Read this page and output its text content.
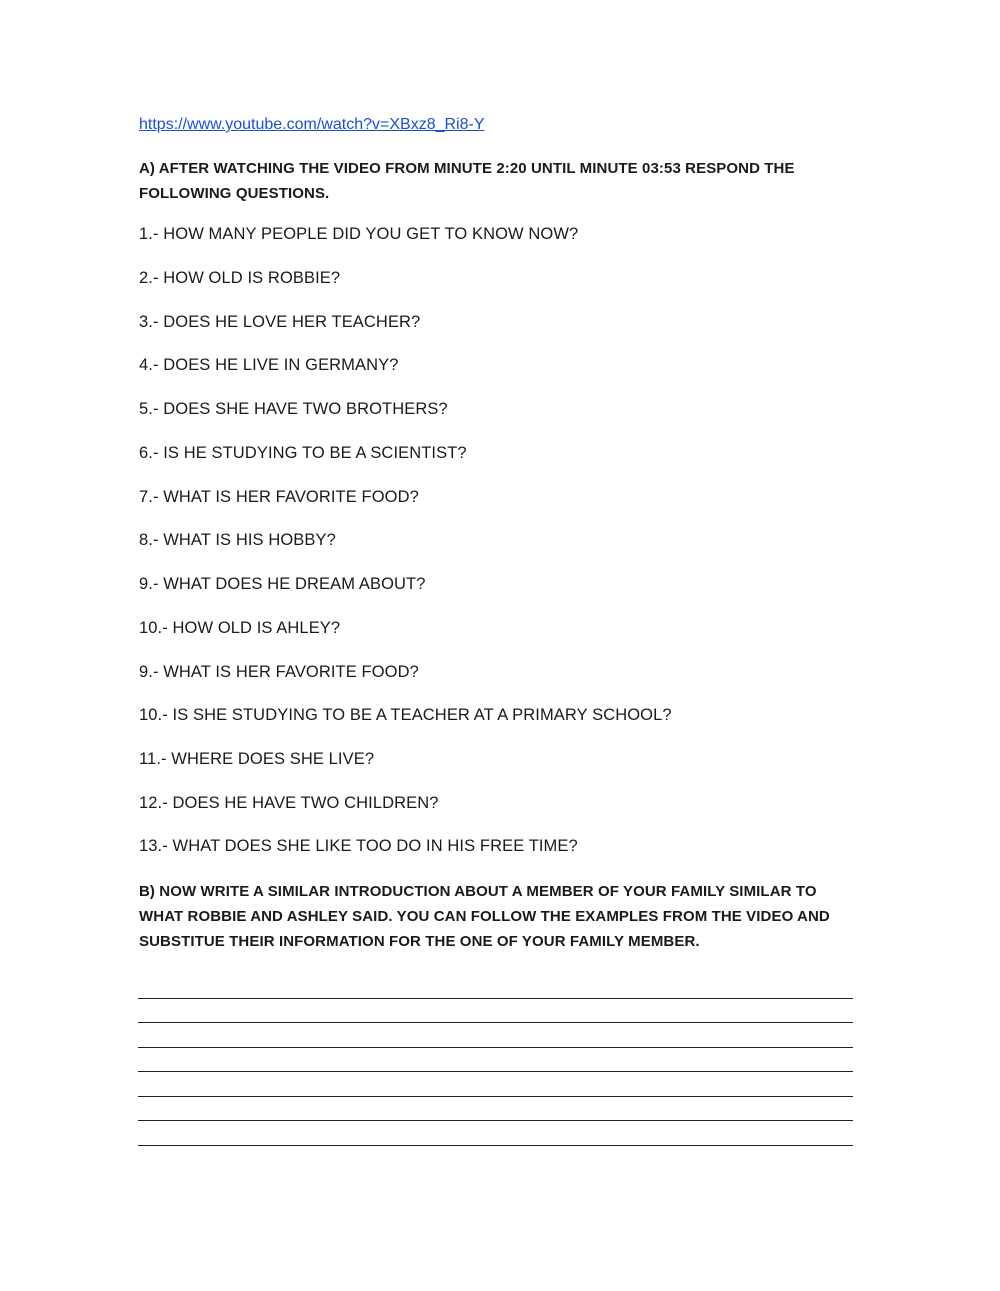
https://www.youtube.com/watch?v=XBxz8_Ri8-Y
A) AFTER WATCHING THE VIDEO FROM MINUTE 2:20 UNTIL MINUTE 03:53 RESPOND THE FOLLOWING QUESTIONS.
1.- HOW MANY PEOPLE DID YOU GET TO KNOW NOW?
2.- HOW OLD IS ROBBIE?
3.- DOES HE LOVE HER TEACHER?
4.- DOES HE LIVE IN GERMANY?
5.- DOES SHE HAVE TWO BROTHERS?
6.- IS HE STUDYING TO BE A SCIENTIST?
7.- WHAT IS HER FAVORITE FOOD?
8.- WHAT IS HIS HOBBY?
9.- WHAT DOES HE DREAM ABOUT?
10.- HOW OLD IS AHLEY?
9.- WHAT IS HER FAVORITE FOOD?
10.- IS SHE STUDYING TO BE A TEACHER AT A PRIMARY SCHOOL?
11.- WHERE DOES SHE LIVE?
12.- DOES HE HAVE TWO CHILDREN?
13.- WHAT DOES SHE LIKE TOO DO IN HIS FREE TIME?
B) NOW WRITE A SIMILAR INTRODUCTION ABOUT A MEMBER OF YOUR FAMILY SIMILAR TO WHAT ROBBIE AND ASHLEY SAID. YOU CAN FOLLOW THE EXAMPLES FROM THE VIDEO AND SUBSTITUE THEIR INFORMATION FOR THE ONE OF YOUR FAMILY MEMBER.
